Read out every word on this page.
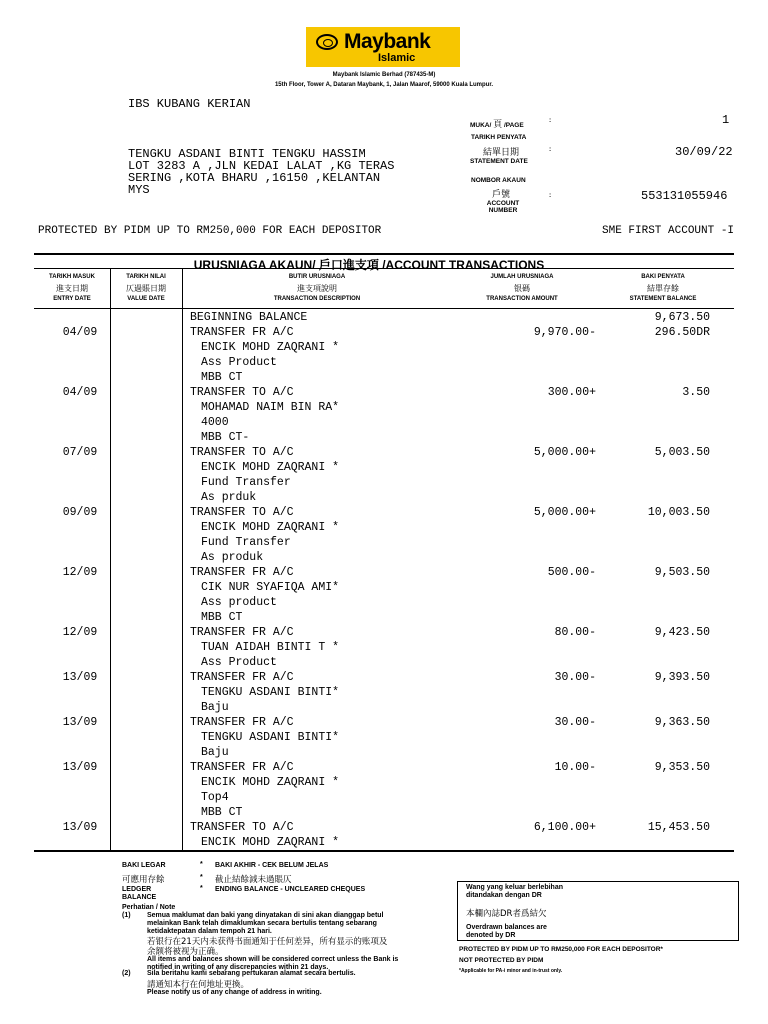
Maybank
Islamic
Maybank Islamic Berhad (787435-M)
15th Floor, Tower A, Dataran Maybank, 1, Jalan Maarof, 59000 Kuala Lumpur.
IBS KUBANG KERIAN
TENGKU ASDANI BINTI TENGKU HASSIM
LOT 3283 A ,JLN KEDAI LALAT ,KG TERAS
SERING ,KOTA BHARU ,16150 ,KELANTAN
MYS
MUKA/ 頁 /PAGE
:	1
TARIKH PENYATA
結單日期	:
STATEMENT DATE
30/09/22
NOMBOR AKAUN
戶號	:
ACCOUNT NUMBER
553131055946
PROTECTED BY PIDM UP TO RM250,000 FOR EACH DEPOSITOR	SME FIRST ACCOUNT -I
URUSNIAGA AKAUN/ 戶口進支項 /ACCOUNT TRANSACTIONS
TARIKH MASUK
進支日期
ENTRY DATE
TARIKH NILAI
仄過賬日期
VALUE DATE
BUTIR URUSNIAGA
進支項說明
TRANSACTION DESCRIPTION
JUMLAH URUSNIAGA
银碼
TRANSACTION AMOUNT
BAKI PENYATA
結單存餘
STATEMENT BALANCE
BEGINNING BALANCE	9,673.50
04/09	TRANSFER FR A/C	9,970.00-	296.50DR
ENCIK MOHD ZAQRANI *
Ass Product
MBB CT
04/09	TRANSFER TO A/C	300.00+	3.50
MOHAMAD NAIM BIN RA*
4000
MBB CT-
07/09	TRANSFER TO A/C	5,000.00+	5,003.50
ENCIK MOHD ZAQRANI *
Fund Transfer
As prduk
09/09	TRANSFER TO A/C	5,000.00+	10,003.50
ENCIK MOHD ZAQRANI *
Fund Transfer
As produk
12/09	TRANSFER FR A/C	500.00-	9,503.50
CIK NUR SYAFIQA AMI*
Ass product
MBB CT
12/09	TRANSFER FR A/C	80.00-	9,423.50
TUAN AIDAH BINTI T *
Ass Product
13/09	TRANSFER FR A/C	30.00-	9,393.50
TENGKU ASDANI BINTI*
Baju
13/09	TRANSFER FR A/C	30.00-	9,363.50
TENGKU ASDANI BINTI*
Baju
13/09	TRANSFER FR A/C	10.00-	9,353.50
ENCIK MOHD ZAQRANI *
Top4
MBB CT
13/09	TRANSFER TO A/C	6,100.00+	15,453.50
ENCIK MOHD ZAQRANI *
BAKI LEGAR	* BAKI AKHIR - CEK BELUM JELAS
可應用存餘	* 截止結餘減未過賬仄
LEDGER	* ENDING BALANCE - UNCLEARED CHEQUES
BALANCE
Perhatian / Note
(1) Semua maklumat dan baki yang dinyatakan di sini akan dianggap betul
melainkan Bank telah dimaklumkan secara bertulis tentang sebarang
ketidaktepatan dalam tempoh 21 hari.
若银行在21天内未获得书面通知于任何差异，所有显示的账项及
余额将被视为正确。
All items and balances shown will be considered correct unless the Bank is
notified in writing of any discrepancies within 21 days.
(2) Sila beritahu kami sebarang pertukaran alamat secara bertulis.
請通知本行在何地址更換。
Please notify us of any change of address in writing.
Wang yang keluar berlebihan
ditandakan dengan DR
本欄內誌DR者爲結欠
Overdrawn balances are
denoted by DR
PROTECTED BY PIDM UP TO RM250,000 FOR EACH DEPOSITOR*
NOT PROTECTED BY PIDM
*Applicable for PA-i minor and in-trust only.
